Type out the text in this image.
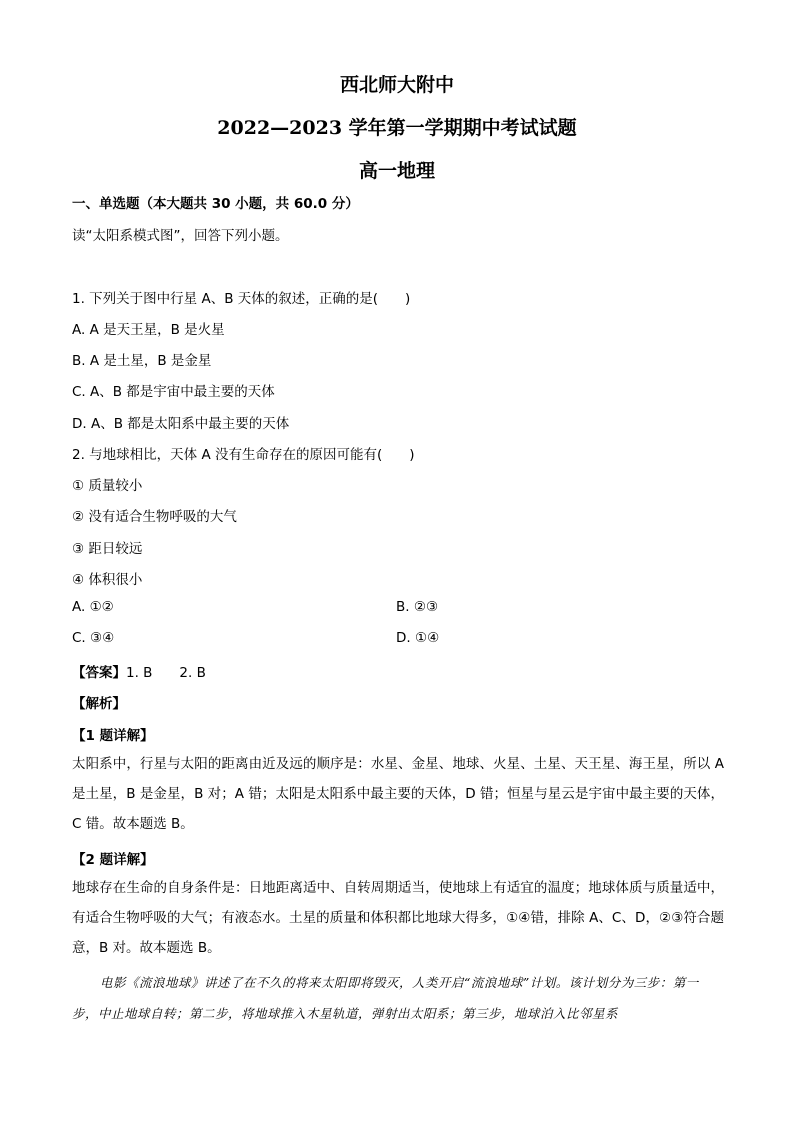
西北师大附中
2022—2023 学年第一学期期中考试试题
高一地理
一、单选题（本大题共 30 小题，共 60.0 分）
读“太阳系模式图”，回答下列小题。
1. 下列关于图中行星 A、B 天体的叙述，正确的是(　　)
A. A 是天王星，B 是火星
B. A 是土星，B 是金星
C. A、B 都是宇宙中最主要的天体
D. A、B 都是太阳系中最主要的天体
2. 与地球相比，天体 A 没有生命存在的原因可能有(　　)
① 质量较小
② 没有适合生物呼吸的大气
③ 距日较远
④ 体积很小
A. ①②	B. ②③
C. ③④	D. ①④
【答案】1. B　　2. B
【解析】
【1 题详解】
太阳系中，行星与太阳的距离由近及远的顺序是：水星、金星、地球、火星、土星、天王星、海王星，所以 A 是土星，B 是金星，B 对；A 错；太阳是太阳系中最主要的天体，D 错；恒星与星云是宇宙中最主要的天体，C 错。故本题选 B。
【2 题详解】
地球存在生命的自身条件是：日地距离适中、自转周期适当，使地球上有适宜的温度；地球体质与质量适中，有适合生物呼吸的大气；有液态水。土星的质量和体积都比地球大得多，①④错，排除 A、C、D，②③符合题意，B 对。故本题选 B。
电影《流浪地球》讲述了在不久的将来太阳即将毁灭，人类开启“流浪地球”计划。该计划分为三步：第一步，中止地球自转；第二步，将地球推入木星轨道，弹射出太阳系；第三步，地球泊入比邻星系
